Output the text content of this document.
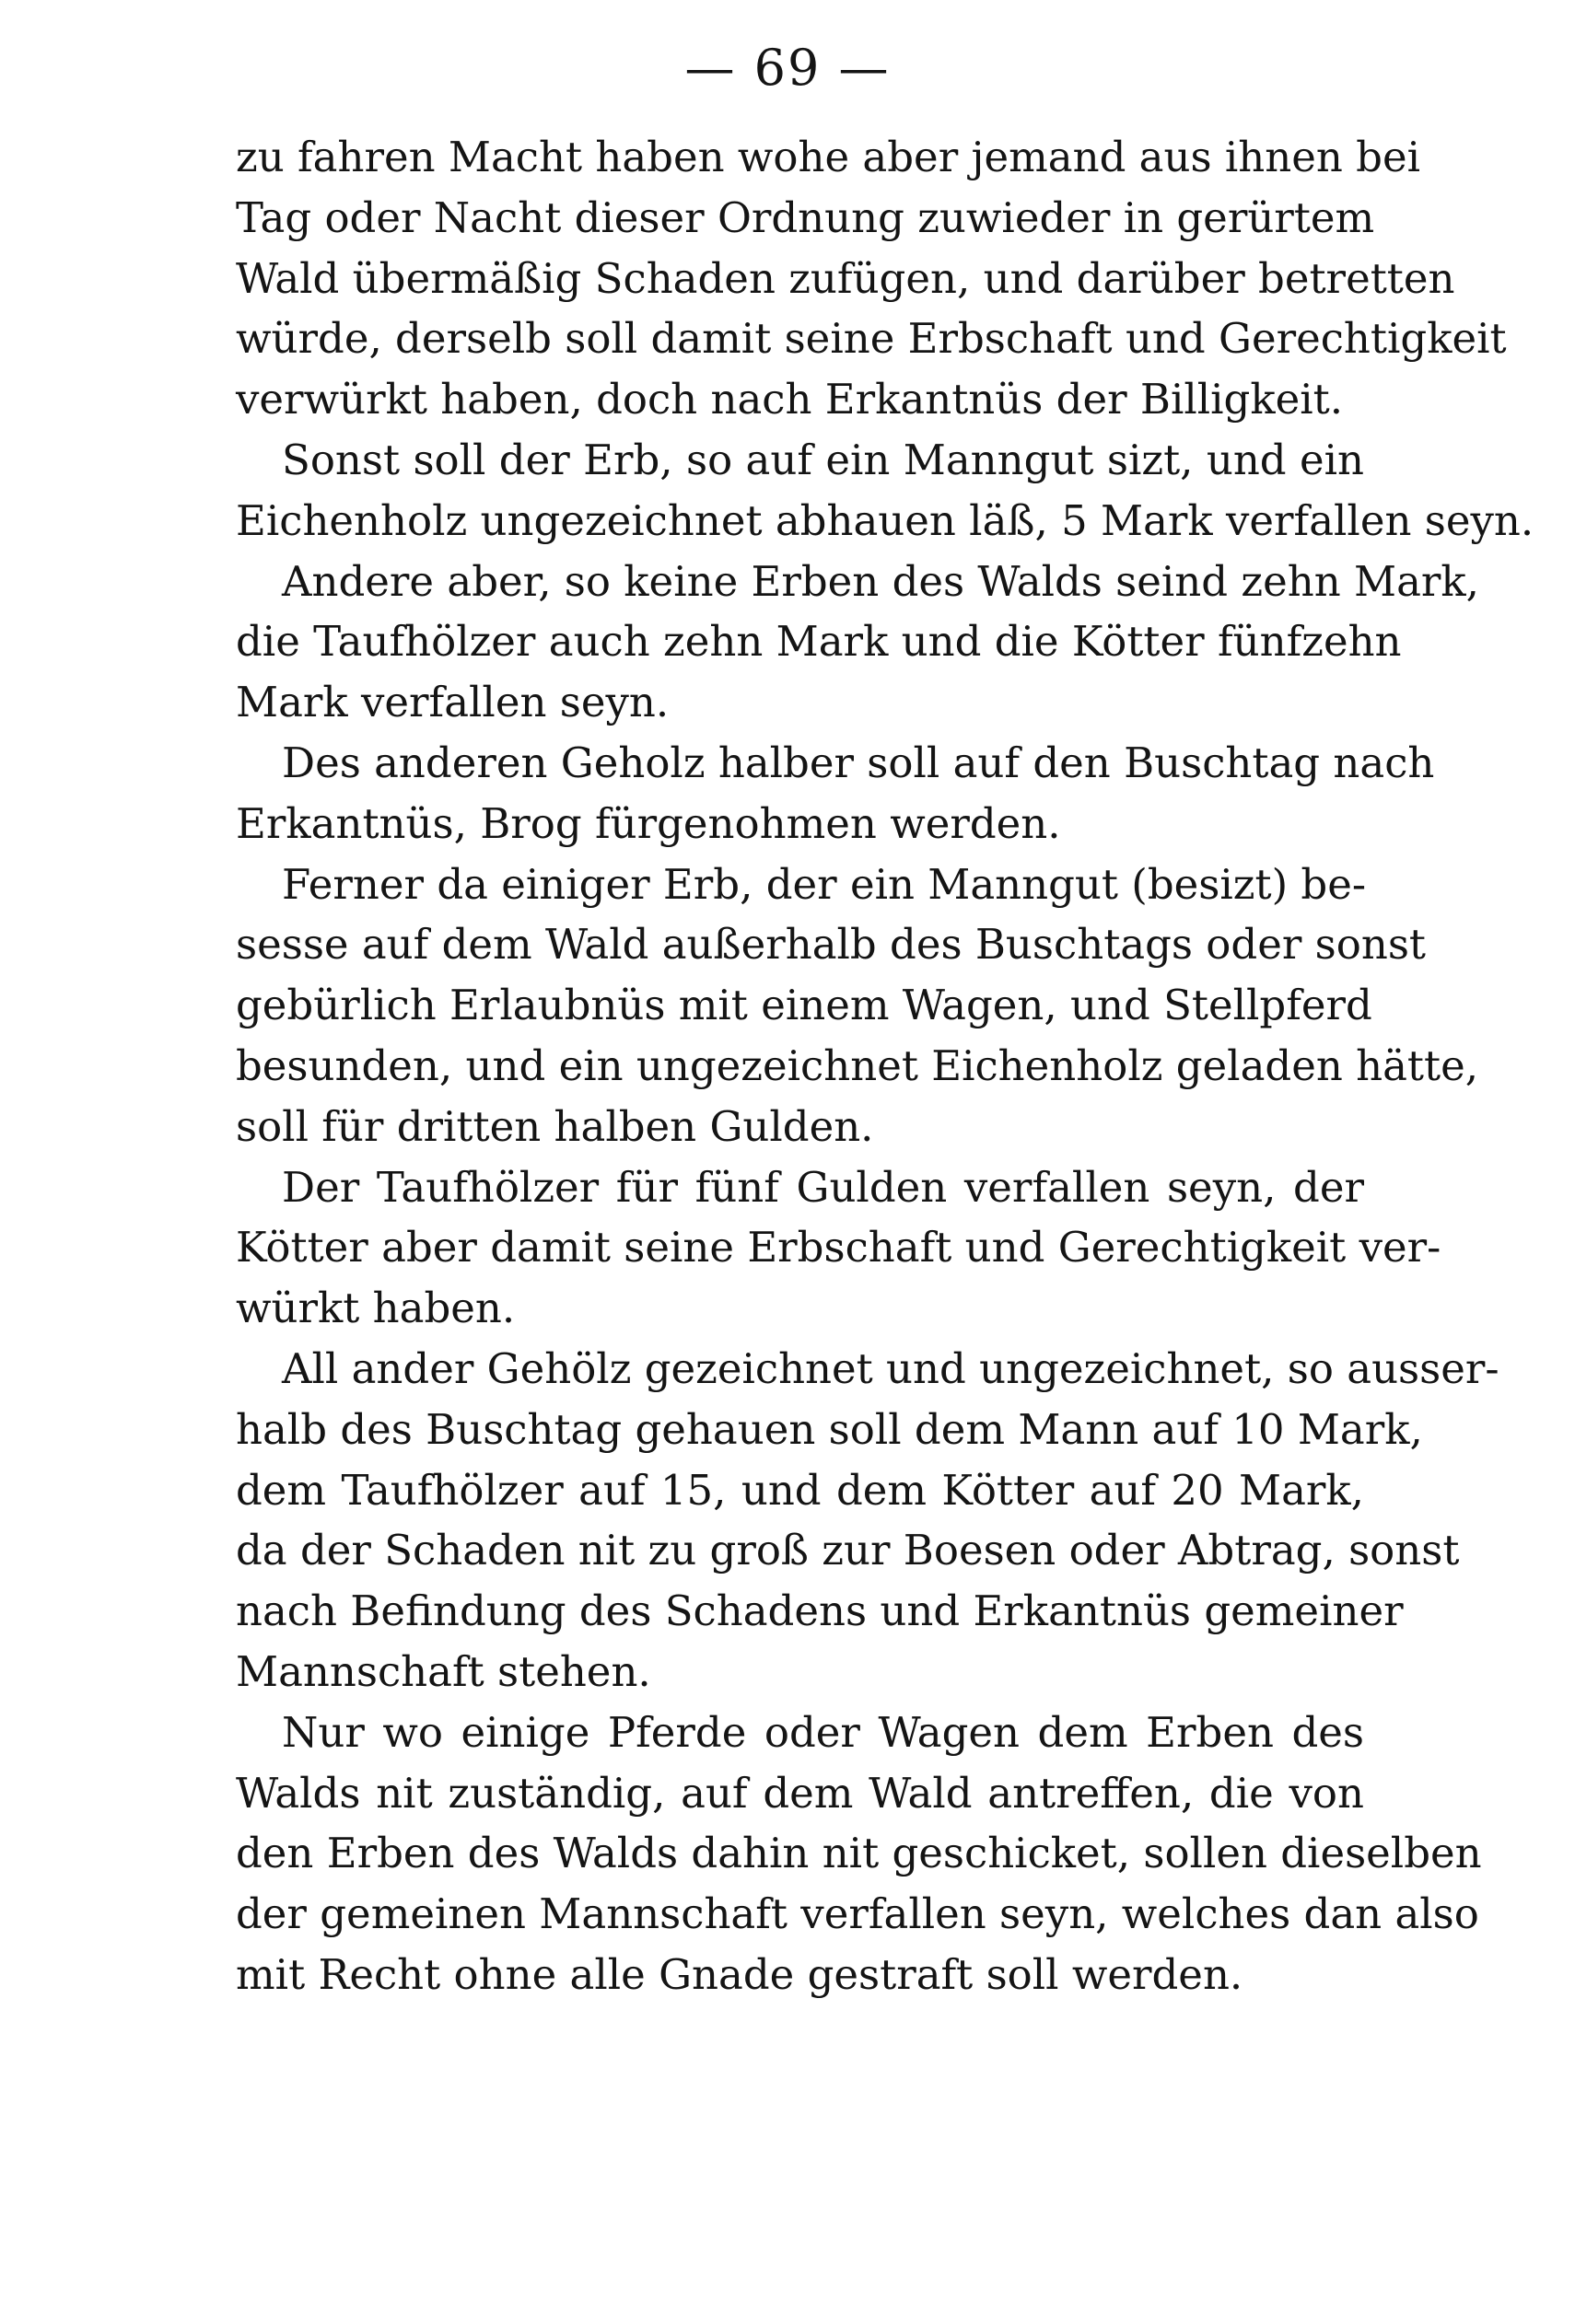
— 69 —
zu fahren Macht haben wohe aber jemand aus ihnen bei
Tag oder Nacht dieser Ordnung zuwieder in gerürtem
Wald übermäßig Schaden zufügen, und darüber betretten
würde, derselb soll damit seine Erbschaft und Gerechtigkeit
verwürkt haben, doch nach Erkantnüs der Billigkeit.
Sonst soll der Erb, so auf ein Manngut sizt, und ein
Eichenholz ungezeichnet abhauen läß, 5 Mark verfallen seyn.
Andere aber, so keine Erben des Walds seind zehn Mark,
die Taufhölzer auch zehn Mark und die Kötter fünfzehn
Mark verfallen seyn.
Des anderen Geholz halber soll auf den Buschtag nach
Erkantnüs, Brog fürgenohmen werden.
Ferner da einiger Erb, der ein Manngut (besizt) be-
sesse auf dem Wald außerhalb des Buschtags oder sonst
gebürlich Erlaubnüs mit einem Wagen, und Stellpferd
besunden, und ein ungezeichnet Eichenholz geladen hätte,
soll für dritten halben Gulden.
Der Taufhölzer für fünf Gulden verfallen seyn, der
Kötter aber damit seine Erbschaft und Gerechtigkeit ver-
würkt haben.
All ander Gehölz gezeichnet und ungezeichnet, so ausser-
halb des Buschtag gehauen soll dem Mann auf 10 Mark,
dem Taufhölzer auf 15, und dem Kötter auf 20 Mark,
da der Schaden nit zu groß zur Boesen oder Abtrag, sonst
nach Befindung des Schadens und Erkantnüs gemeiner
Mannschaft stehen.
Nur wo einige Pferde oder Wagen dem Erben des
Walds nit zuständig, auf dem Wald antreffen, die von
den Erben des Walds dahin nit geschicket, sollen dieselben
der gemeinen Mannschaft verfallen seyn, welches dan also
mit Recht ohne alle Gnade gestraft soll werden.
